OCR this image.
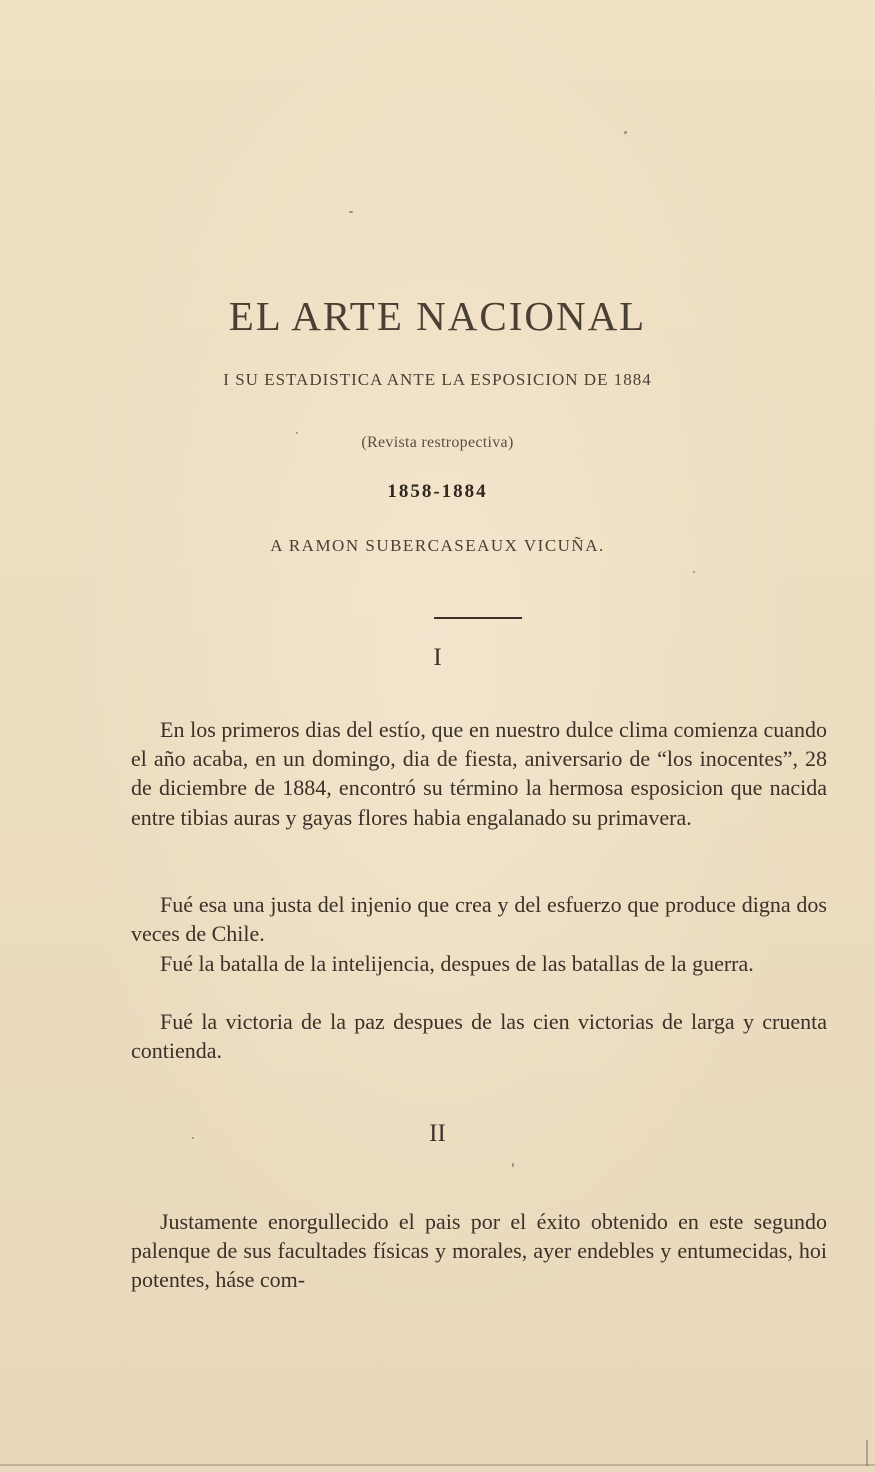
EL ARTE NACIONAL

I SU ESTADISTICA ANTE LA ESPOSICION DE 1884

(Revista restropectiva)

1858-1884

A RAMON SUBERCASEAUX VICUÑA.

I

En los primeros dias del estío, que en nuestro dulce clima comienza cuando el año acaba, en un domingo, dia de fiesta, aniversario de “los inocentes”, 28 de diciembre de 1884, encontró su término la hermosa esposicion que nacida entre tibias auras y gayas flores habia engalanado su primavera.

Fué esa una justa del injenio que crea y del esfuerzo que produce digna dos veces de Chile.

Fué la batalla de la intelijencia, despues de las batallas de la guerra.

Fué la victoria de la paz despues de las cien victorias de larga y cruenta contienda.

II

Justamente enorgullecido el pais por el éxito obtenido en este segundo palenque de sus facultades físicas y morales, ayer endebles y entumecidas, hoi potentes, háse com-
